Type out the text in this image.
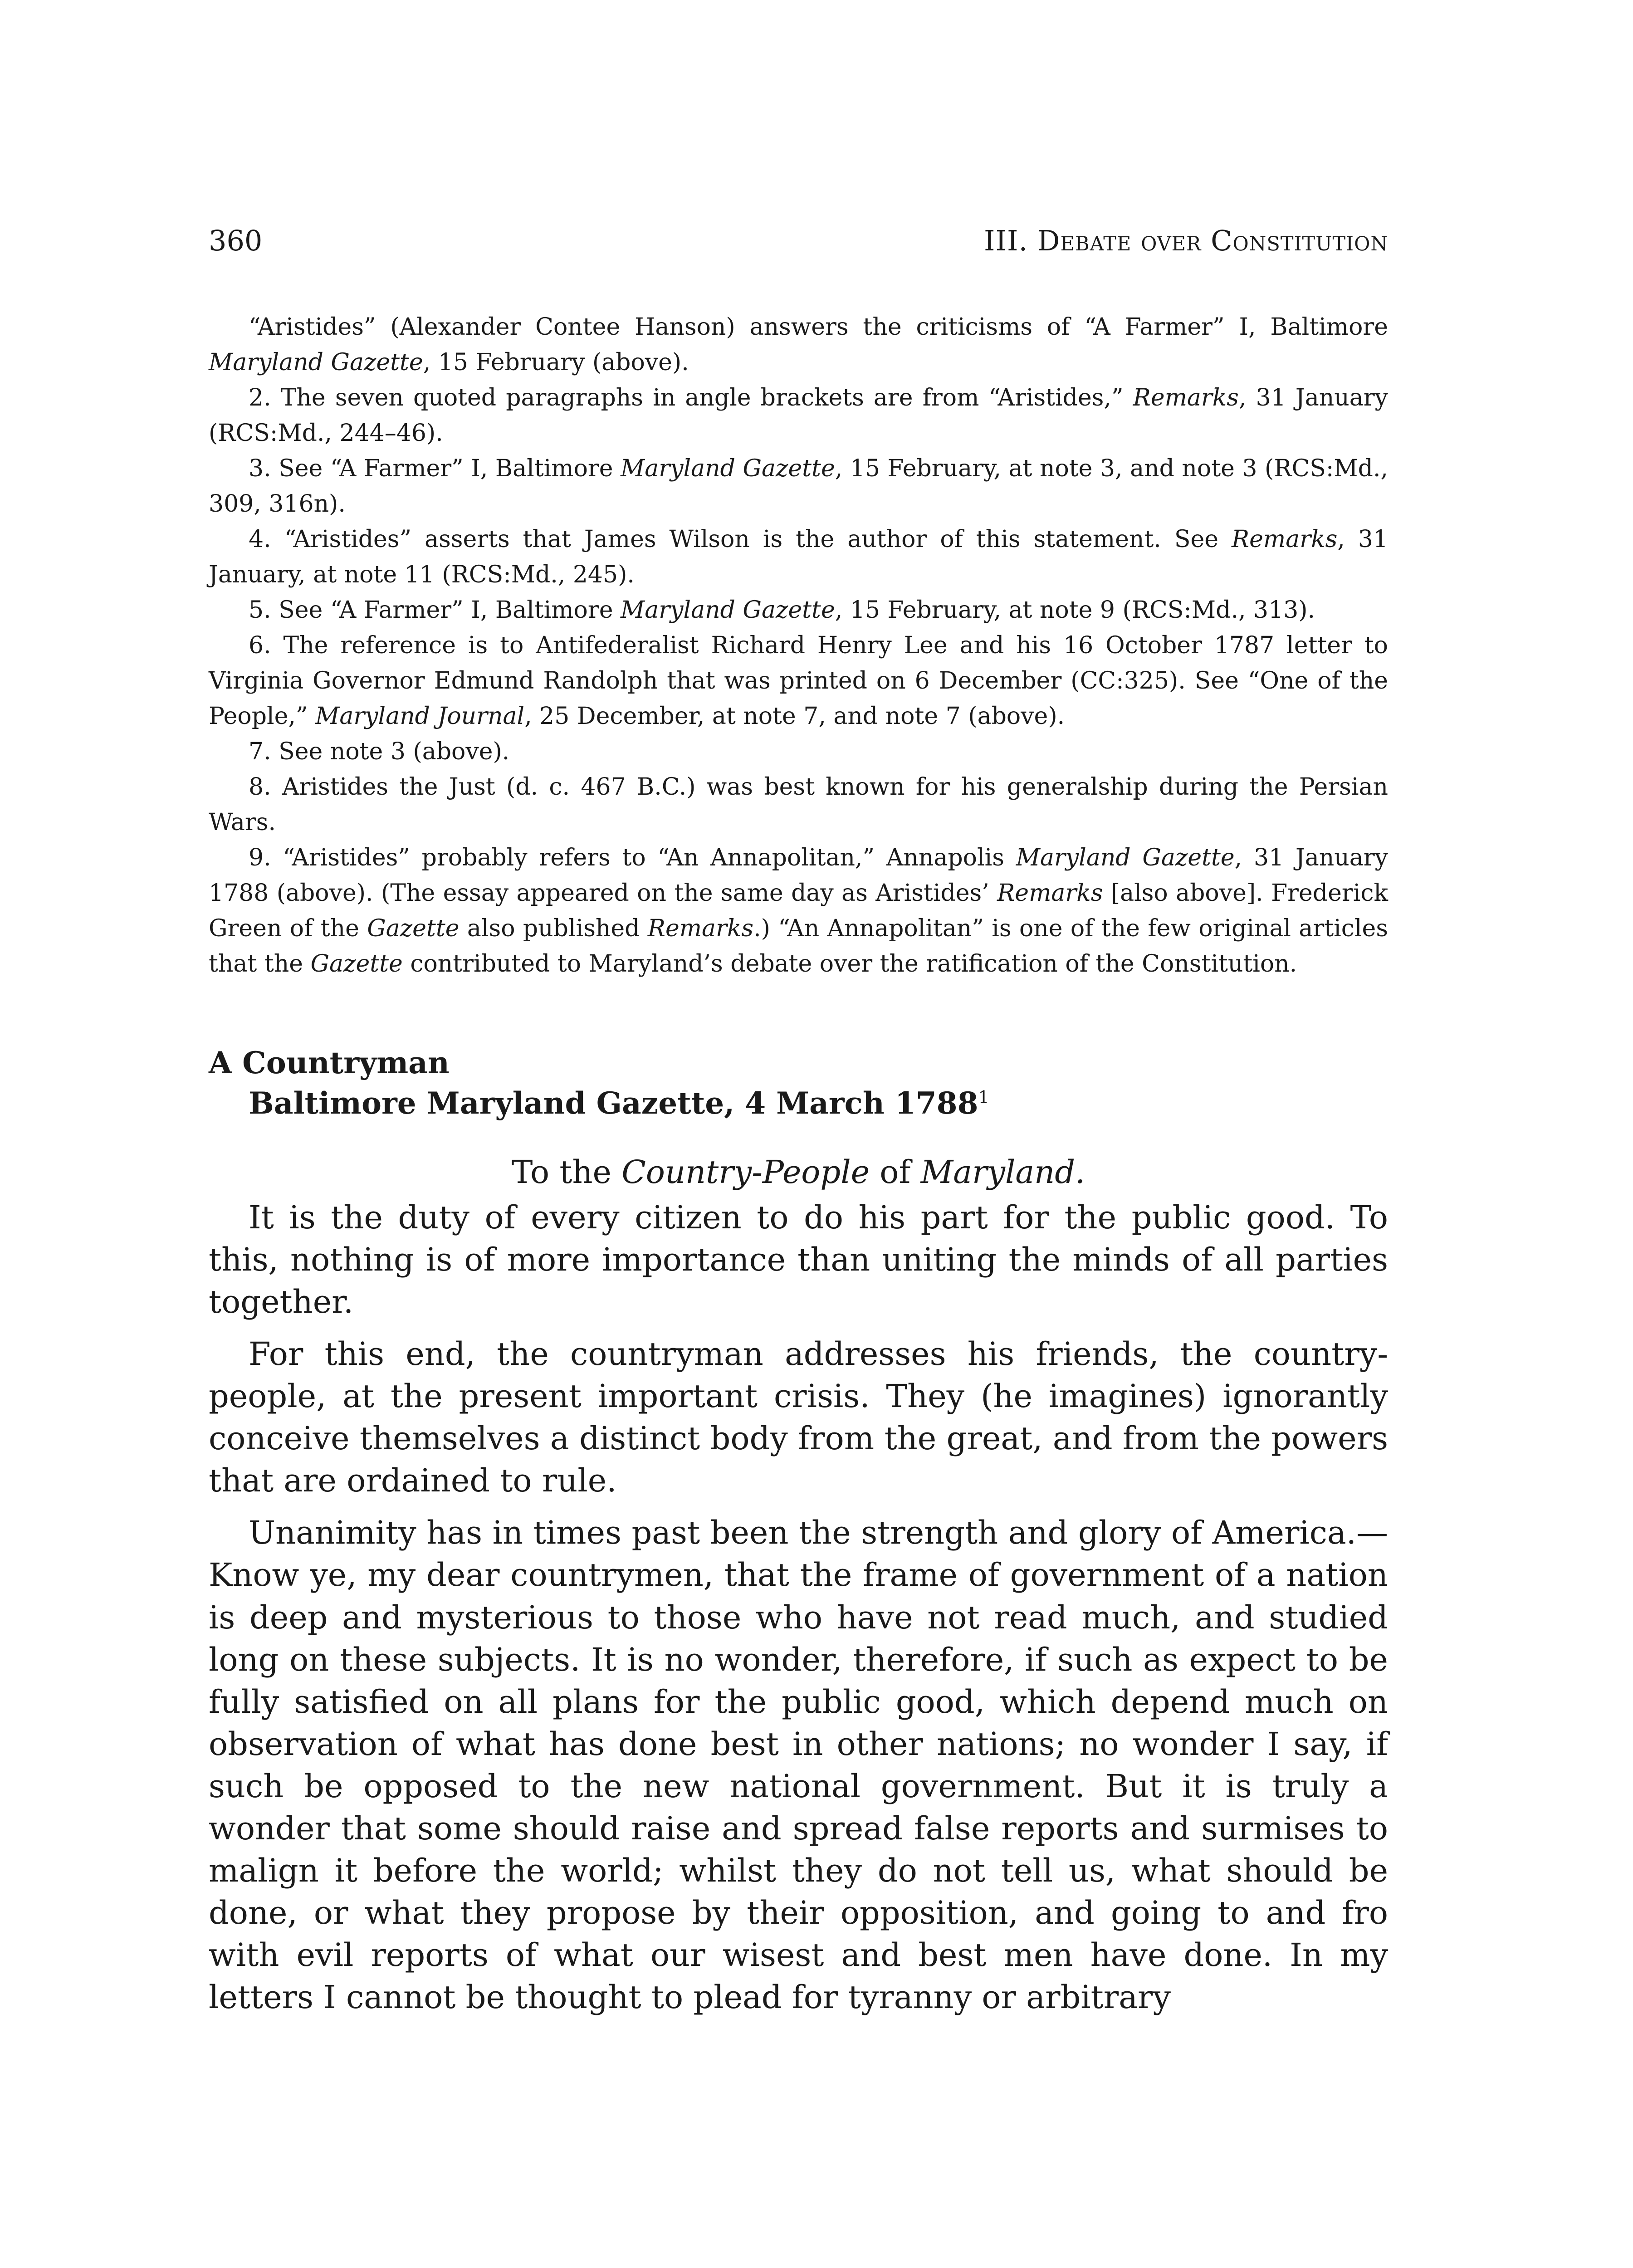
360	III. Debate over Constitution

“Aristides” (Alexander Contee Hanson) answers the criticisms of “A Farmer” I, Baltimore Maryland Gazette, 15 February (above).

2. The seven quoted paragraphs in angle brackets are from “Aristides,” Remarks, 31 January (RCS:Md., 244–46).

3. See “A Farmer” I, Baltimore Maryland Gazette, 15 February, at note 3, and note 3 (RCS:Md., 309, 316n).

4. “Aristides” asserts that James Wilson is the author of this statement. See Remarks, 31 January, at note 11 (RCS:Md., 245).

5. See “A Farmer” I, Baltimore Maryland Gazette, 15 February, at note 9 (RCS:Md., 313).

6. The reference is to Antifederalist Richard Henry Lee and his 16 October 1787 letter to Virginia Governor Edmund Randolph that was printed on 6 December (CC:325). See “One of the People,” Maryland Journal, 25 December, at note 7, and note 7 (above).

7. See note 3 (above).

8. Aristides the Just (d. c. 467 B.C.) was best known for his generalship during the Persian Wars.

9. “Aristides” probably refers to “An Annapolitan,” Annapolis Maryland Gazette, 31 January 1788 (above). (The essay appeared on the same day as Aristides’ Remarks [also above]. Frederick Green of the Gazette also published Remarks.) “An Annapolitan” is one of the few original articles that the Gazette contributed to Maryland’s debate over the ratification of the Constitution.

A Countryman
Baltimore Maryland Gazette, 4 March 1788$^1$
To the Country-People of Maryland.

It is the duty of every citizen to do his part for the public good. To this, nothing is of more importance than uniting the minds of all parties together.

For this end, the countryman addresses his friends, the country-people, at the present important crisis. They (he imagines) ignorantly conceive themselves a distinct body from the great, and from the powers that are ordained to rule.

Unanimity has in times past been the strength and glory of America.—Know ye, my dear countrymen, that the frame of government of a nation is deep and mysterious to those who have not read much, and studied long on these subjects. It is no wonder, therefore, if such as expect to be fully satisfied on all plans for the public good, which depend much on observation of what has done best in other nations; no wonder I say, if such be opposed to the new national government. But it is truly a wonder that some should raise and spread false reports and surmises to malign it before the world; whilst they do not tell us, what should be done, or what they propose by their opposition, and going to and fro with evil reports of what our wisest and best men have done. In my letters I cannot be thought to plead for tyranny or arbitrary
